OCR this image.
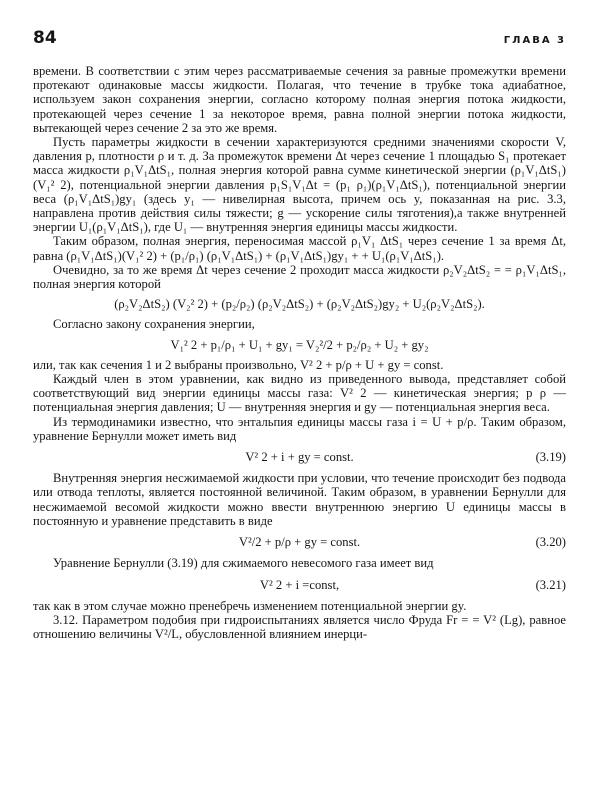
84	ГЛАВА 3

времени. В соответствии с этим через рассматриваемые сечения за равные промежутки времени протекают одинаковые массы жидкости. Полагая, что течение в трубке тока адиабатное, используем закон сохранения энергии, согласно которому полная энергия потока жидкости, протекающей через сечение 1 за некоторое время, равна полной энергии потока жидкости, вытекающей через сечение 2 за это же время.

Пусть параметры жидкости в сечении характеризуются средними значениями скорости V, давления p, плотности ρ и т. д. За промежуток времени Δt через сечение 1 площадью S₁ протекает масса жидкости ρ₁V₁ΔtS₁, полная энергия которой равна сумме кинетической энергии (ρ₁V₁ΔtS₁) (V₁² 2), потенциальной энергии давления p₁S₁V₁Δt = (p₁ ρ₁)(ρ₁V₁ΔtS₁), потенциальной энергии веса (ρ₁V₁ΔtS₁)gy₁ (здесь y₁ — нивелирная высота, причем ось y, показанная на рис. 3.3, направлена против действия силы тяжести; g — ускорение силы тяготения),а также внутренней энергии U₁(ρ₁V₁ΔtS₁), где U₁ — внутренняя энергия единицы массы жидкости.

Таким образом, полная энергия, переносимая массой ρ₁V₁ ΔtS₁ через сечение 1 за время Δt, равна (ρ₁V₁ΔtS₁)(V₁² 2) + (p₁/ρ₁) (ρ₁V₁ΔtS₁) + (ρ₁V₁ΔtS₁)gy₁ + + U₁(ρ₁V₁ΔtS₁).

Очевидно, за то же время Δt через сечение 2 проходит масса жидкости ρ₂V₂ΔtS₂ = = ρ₁V₁ΔtS₁, полная энергия которой

(ρ₂V₂ΔtS₂) (V₂² 2) + (p₂/ρ₂) (ρ₂V₂ΔtS₂) + (ρ₂V₂ΔtS₂)gy₂ + U₂(ρ₂V₂ΔtS₂).

Согласно закону сохранения энергии,

V₁² 2 + p₁/ρ₁ + U₁ + gy₁ = V₂²/2 + p₂/ρ₂ + U₂ + gy₂

или, так как сечения 1 и 2 выбраны произвольно, V² 2 + p/ρ + U + gy = const.

Каждый член в этом уравнении, как видно из приведенного вывода, представляет собой соответствующий вид энергии единицы массы газа: V² 2 — кинетическая энергия; p ρ — потенциальная энергия давления; U — внутренняя энергия и gy — потенциальная энергия веса.

Из термодинамики известно, что энтальпия единицы массы газа i = U + p/ρ. Таким образом, уравнение Бернулли может иметь вид

V² 2 + i + gy = const.	(3.19)

Внутренняя энергия несжимаемой жидкости при условии, что течение происходит без подвода или отвода теплоты, является постоянной величиной. Таким образом, в уравнении Бернулли для несжимаемой весомой жидкости можно ввести внутреннюю энергию U единицы массы в постоянную и уравнение представить в виде

V²/2 + p/ρ + gy = const.	(3.20)

Уравнение Бернулли (3.19) для сжимаемого невесомого газа имеет вид

V² 2 + i =const,	(3.21)

так как в этом случае можно пренебречь изменением потенциальной энергии gy.

3.12. Параметром подобия при гидроиспытаниях является число Фруда Fr = = V² (Lg), равное отношению величины V²/L, обусловленной влиянием инерци-
